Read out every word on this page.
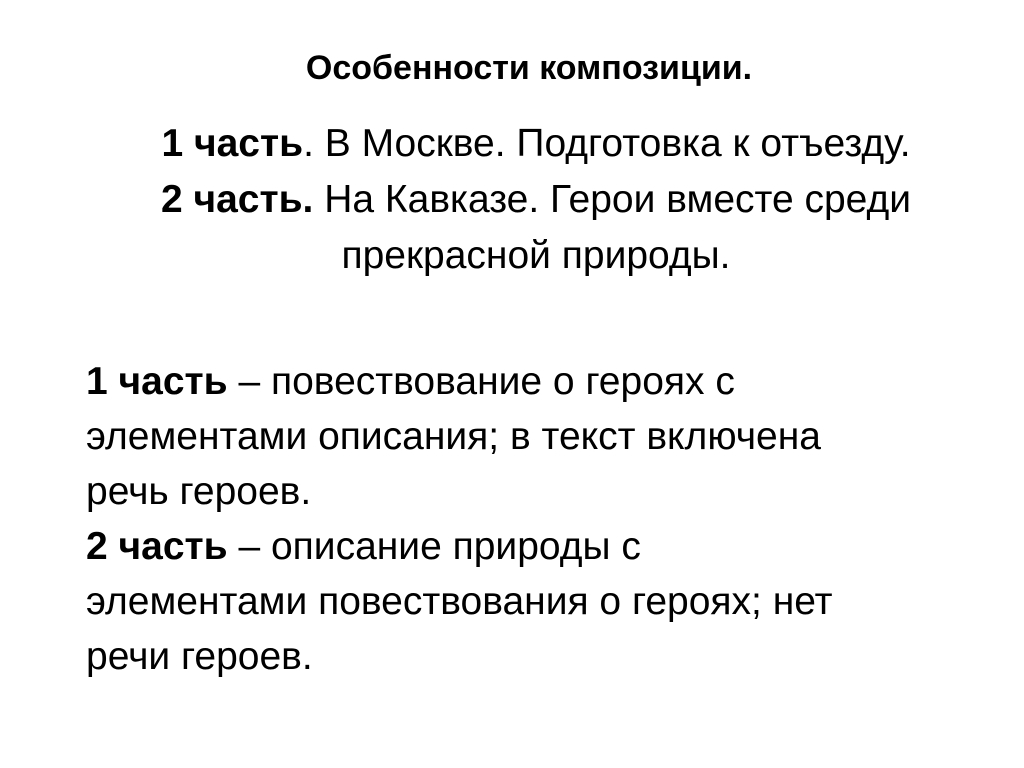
Особенности композиции.
1 часть. В Москве. Подготовка к отъезду.
2 часть. На Кавказе. Герои вместе среди
прекрасной природы.
1 часть – повествование о героях с
элементами описания; в текст включена
речь героев.
2 часть – описание природы с
элементами повествования о героях; нет
речи героев.
